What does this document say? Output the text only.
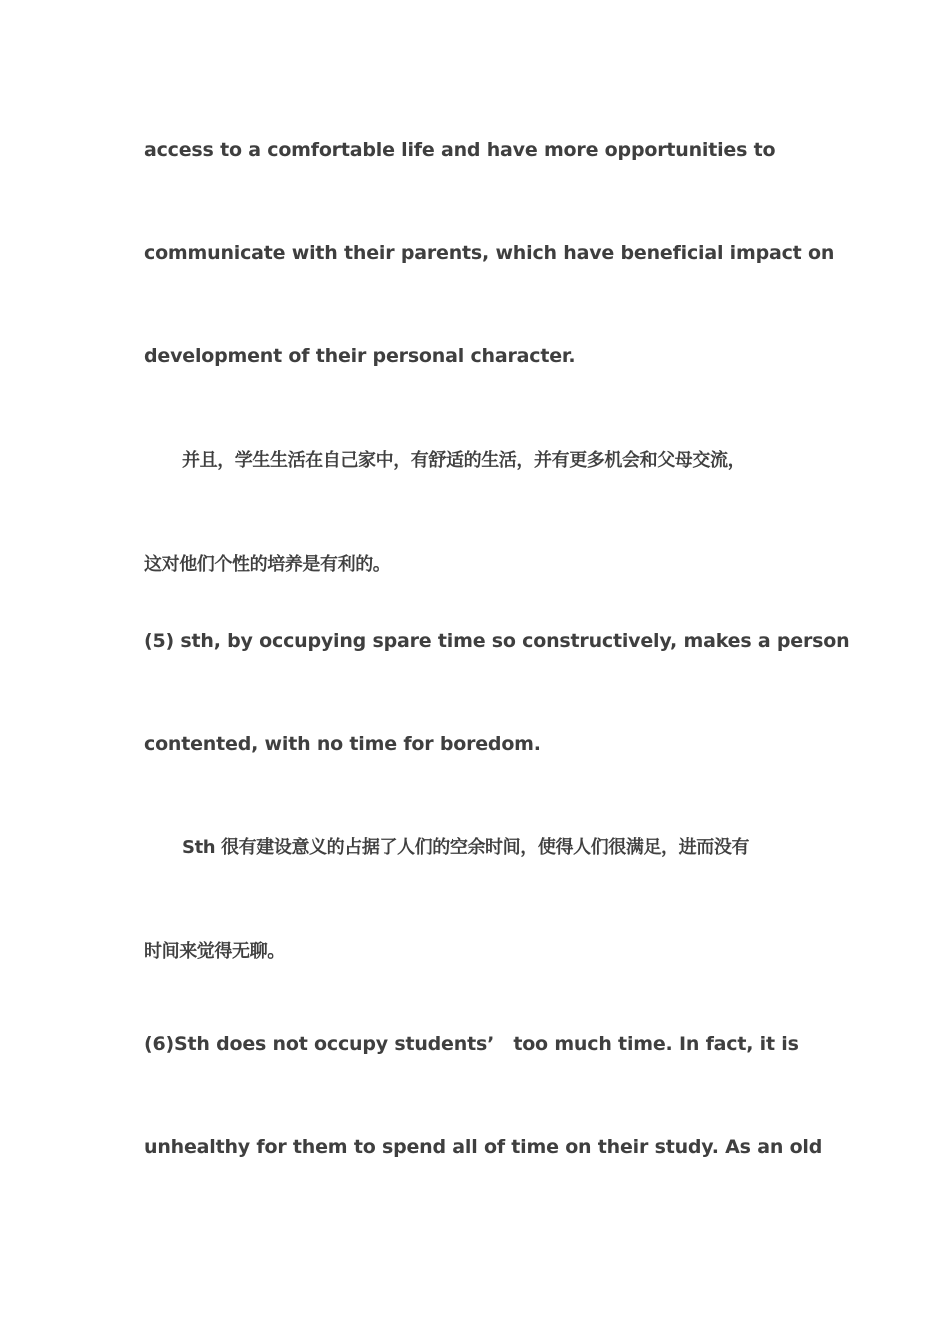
access to a comfortable life and have more opportunities to
communicate with their parents, which have beneficial impact on
development of their personal character.
并且，学生生活在自己家中，有舒适的生活，并有更多机会和父母交流，
这对他们个性的培养是有利的。
(5) sth, by occupying spare time so constructively, makes a person
contented, with no time for boredom.
Sth 很有建设意义的占据了人们的空余时间，使得人们很满足，进而没有
时间来觉得无聊。
(6)Sth does not occupy students’   too much time. In fact, it is
unhealthy for them to spend all of time on their study. As an old
